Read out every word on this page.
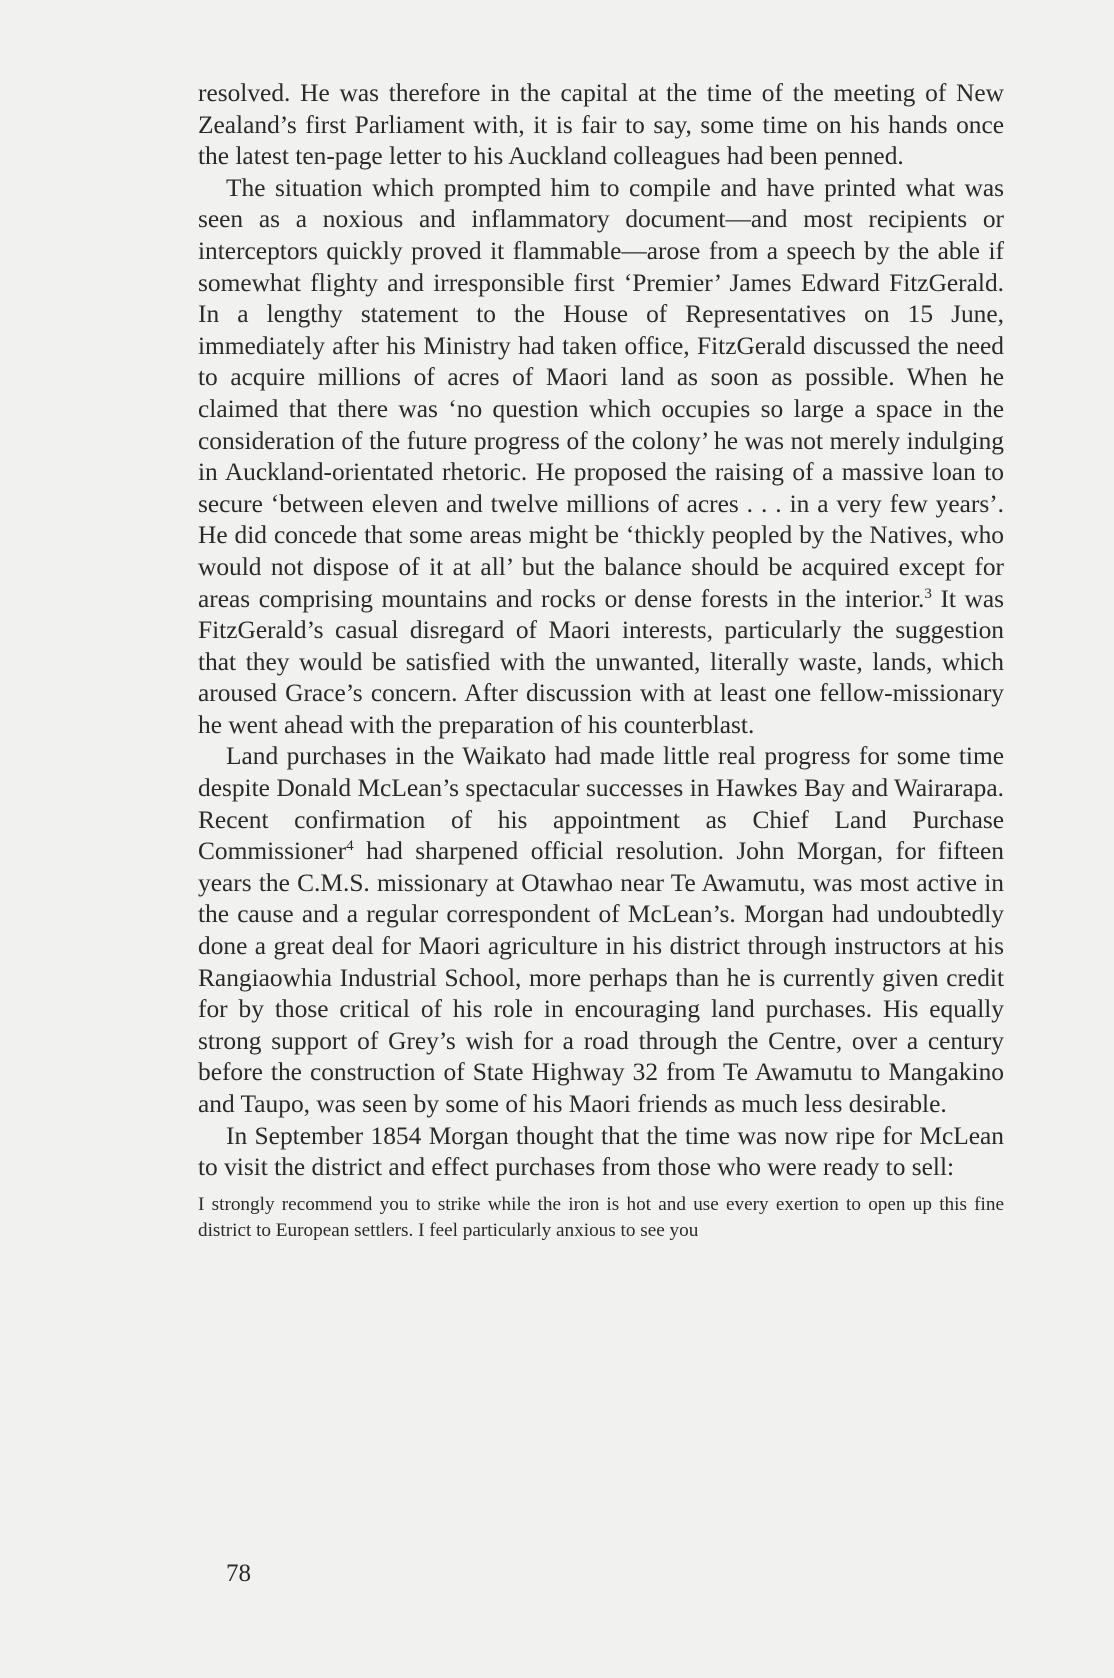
resolved. He was therefore in the capital at the time of the meeting of New Zealand’s first Parliament with, it is fair to say, some time on his hands once the latest ten-page letter to his Auckland colleagues had been penned.

The situation which prompted him to compile and have printed what was seen as a noxious and inflammatory document—and most recipients or interceptors quickly proved it flammable—arose from a speech by the able if somewhat flighty and irresponsible first ‘Premier’ James Edward FitzGerald. In a lengthy statement to the House of Representatives on 15 June, immediately after his Ministry had taken office, FitzGerald discussed the need to acquire millions of acres of Maori land as soon as possible. When he claimed that there was ‘no question which occupies so large a space in the consideration of the future progress of the colony’ he was not merely indulging in Auckland-orientated rhetoric. He proposed the raising of a massive loan to secure ‘between eleven and twelve millions of acres . . . in a very few years’. He did concede that some areas might be ‘thickly peopled by the Natives, who would not dispose of it at all’ but the balance should be acquired except for areas comprising mountains and rocks or dense forests in the interior.$^3$ It was FitzGerald’s casual disregard of Maori interests, particularly the suggestion that they would be satisfied with the unwanted, literally waste, lands, which aroused Grace’s concern. After discussion with at least one fellow-missionary he went ahead with the preparation of his counterblast.

Land purchases in the Waikato had made little real progress for some time despite Donald McLean’s spectacular successes in Hawkes Bay and Wairarapa. Recent confirmation of his appointment as Chief Land Purchase Commissioner$^4$ had sharpened official resolution. John Morgan, for fifteen years the C.M.S. missionary at Otawhao near Te Awamutu, was most active in the cause and a regular correspondent of McLean’s. Morgan had undoubtedly done a great deal for Maori agriculture in his district through instructors at his Rangiaowhia Industrial School, more perhaps than he is currently given credit for by those critical of his role in encouraging land purchases. His equally strong support of Grey’s wish for a road through the Centre, over a century before the construction of State Highway 32 from Te Awamutu to Mangakino and Taupo, was seen by some of his Maori friends as much less desirable.

In September 1854 Morgan thought that the time was now ripe for McLean to visit the district and effect purchases from those who were ready to sell:

I strongly recommend you to strike while the iron is hot and use every exertion to open up this fine district to European settlers. I feel particularly anxious to see you

78
